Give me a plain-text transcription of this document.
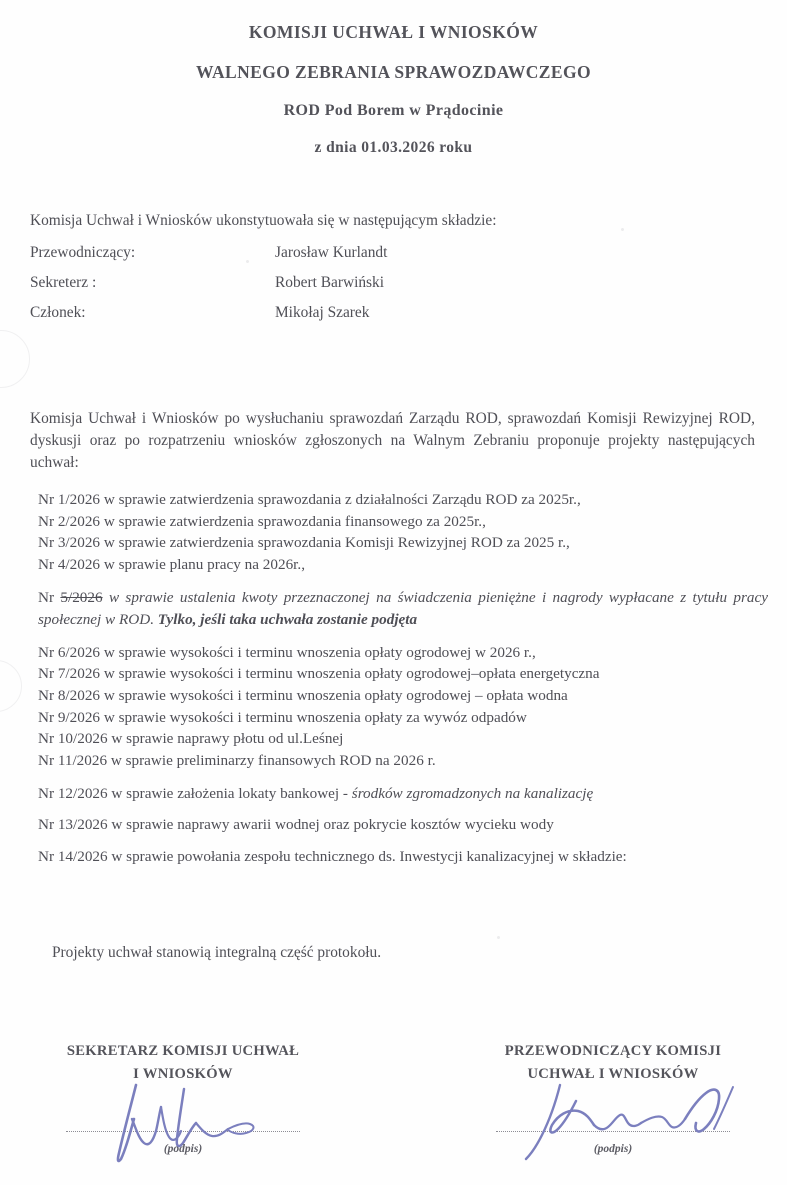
KOMISJI UCHWAŁ I WNIOSKÓW
WALNEGO ZEBRANIA SPRAWOZDAWCZEGO
ROD Pod Borem w Prądocinie
z dnia 01.03.2026 roku
Komisja Uchwał i Wniosków ukonstytuowała się w następującym składzie:
Przewodniczący:	Jarosław Kurlandt
Sekreterz :	Robert Barwiński
Członek:	Mikołaj Szarek
Komisja Uchwał i Wniosków po wysłuchaniu sprawozdań Zarządu ROD, sprawozdań Komisji Rewizyjnej ROD, dyskusji oraz po rozpatrzeniu wniosków zgłoszonych na Walnym Zebraniu proponuje projekty następujących uchwał:
Nr 1/2026 w sprawie zatwierdzenia sprawozdania z działalności Zarządu ROD za 2025r.,
Nr 2/2026 w sprawie zatwierdzenia sprawozdania finansowego za 2025r.,
Nr 3/2026 w sprawie zatwierdzenia sprawozdania Komisji Rewizyjnej ROD za 2025 r.,
Nr 4/2026 w sprawie planu pracy na 2026r.,
Nr 5/2026 w sprawie ustalenia kwoty przeznaczonej na świadczenia pieniężne i nagrody wypłacane z tytułu pracy społecznej w ROD. Tylko, jeśli taka uchwała zostanie podjęta
Nr 6/2026 w sprawie wysokości i terminu wnoszenia opłaty ogrodowej w 2026 r.,
Nr 7/2026 w sprawie wysokości i terminu wnoszenia opłaty ogrodowej–opłata energetyczna
Nr 8/2026 w sprawie wysokości i terminu wnoszenia opłaty ogrodowej – opłata wodna
Nr 9/2026 w sprawie wysokości i terminu wnoszenia opłaty za wywóz odpadów
Nr 10/2026 w sprawie naprawy płotu od ul.Leśnej
Nr 11/2026 w sprawie preliminarzy finansowych ROD na 2026 r.
Nr 12/2026 w sprawie założenia lokaty bankowej - środków zgromadzonych na kanalizację
Nr 13/2026 w sprawie naprawy awarii wodnej oraz pokrycie kosztów wycieku wody
Nr 14/2026 w sprawie powołania zespołu technicznego ds. Inwestycji kanalizacyjnej w składzie:
Projekty uchwał stanowią integralną część protokołu.
SEKRETARZ KOMISJI UCHWAŁ
I WNIOSKÓW
(podpis)
PRZEWODNICZĄCY KOMISJI
UCHWAŁ I WNIOSKÓW
(podpis)
